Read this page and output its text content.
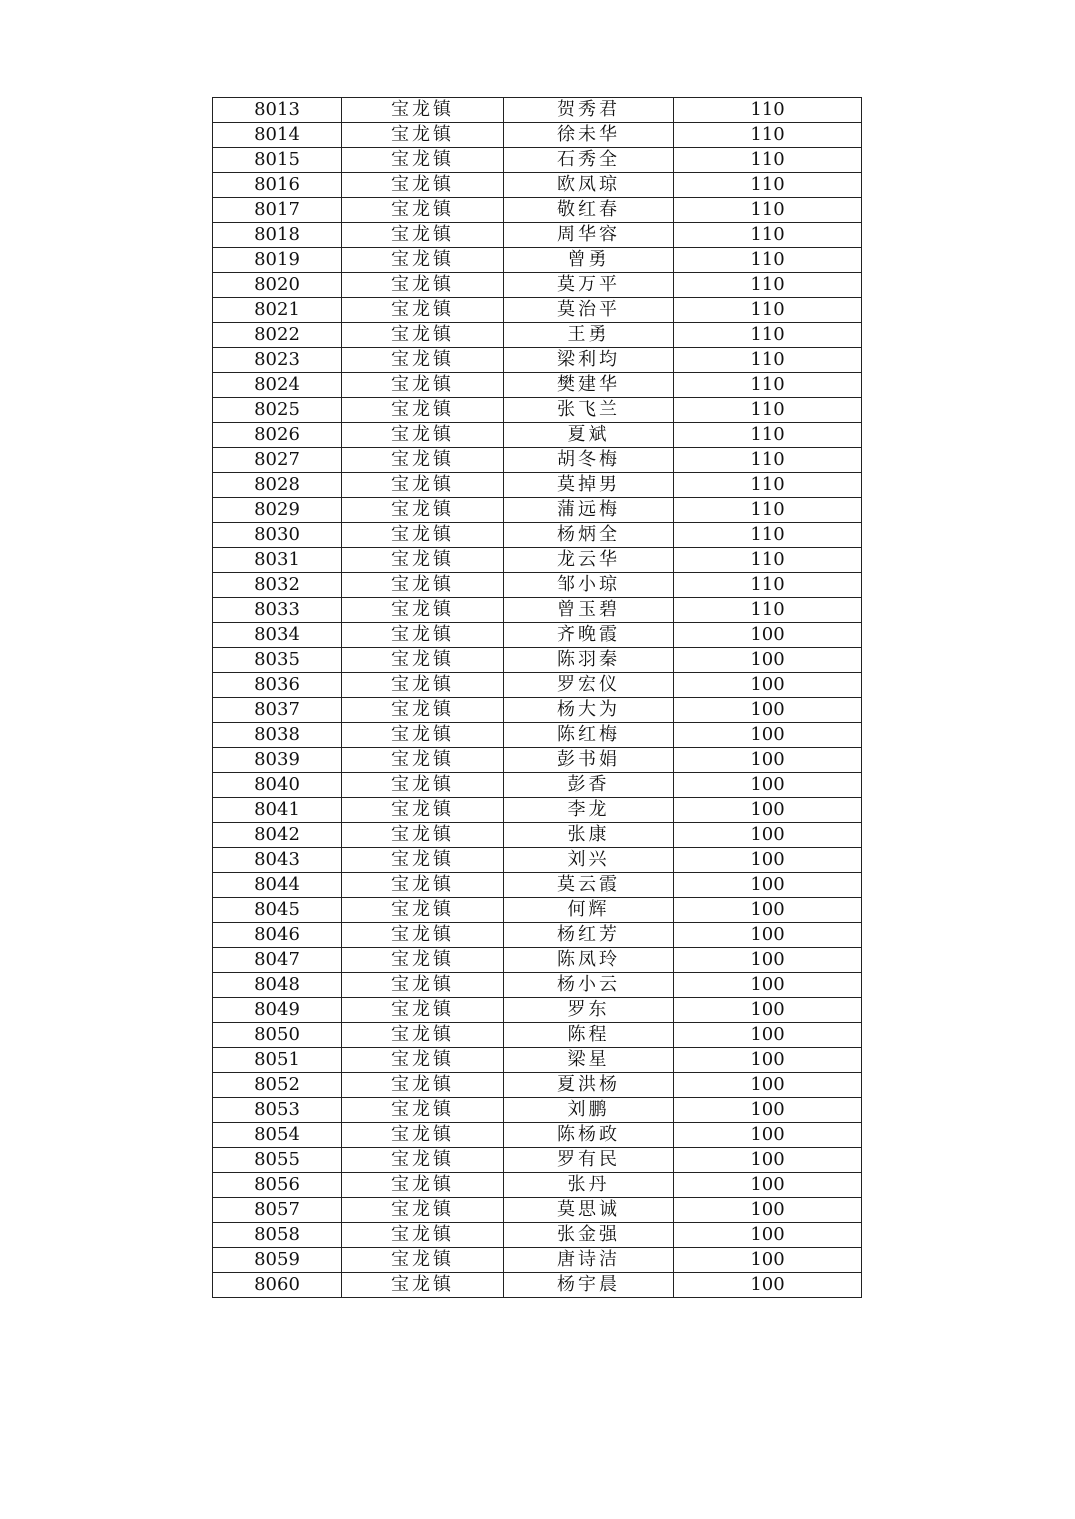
8013	宝龙镇	贺秀君	110
8014	宝龙镇	徐未华	110
8015	宝龙镇	石秀全	110
8016	宝龙镇	欧凤琼	110
8017	宝龙镇	敬红春	110
8018	宝龙镇	周华容	110
8019	宝龙镇	曾勇	110
8020	宝龙镇	莫万平	110
8021	宝龙镇	莫治平	110
8022	宝龙镇	王勇	110
8023	宝龙镇	梁利均	110
8024	宝龙镇	樊建华	110
8025	宝龙镇	张飞兰	110
8026	宝龙镇	夏斌	110
8027	宝龙镇	胡冬梅	110
8028	宝龙镇	莫掉男	110
8029	宝龙镇	蒲远梅	110
8030	宝龙镇	杨炳全	110
8031	宝龙镇	龙云华	110
8032	宝龙镇	邹小琼	110
8033	宝龙镇	曾玉碧	110
8034	宝龙镇	齐晚霞	100
8035	宝龙镇	陈羽秦	100
8036	宝龙镇	罗宏仪	100
8037	宝龙镇	杨大为	100
8038	宝龙镇	陈红梅	100
8039	宝龙镇	彭书娟	100
8040	宝龙镇	彭香	100
8041	宝龙镇	李龙	100
8042	宝龙镇	张康	100
8043	宝龙镇	刘兴	100
8044	宝龙镇	莫云霞	100
8045	宝龙镇	何辉	100
8046	宝龙镇	杨红芳	100
8047	宝龙镇	陈凤玲	100
8048	宝龙镇	杨小云	100
8049	宝龙镇	罗东	100
8050	宝龙镇	陈程	100
8051	宝龙镇	梁星	100
8052	宝龙镇	夏洪杨	100
8053	宝龙镇	刘鹏	100
8054	宝龙镇	陈杨政	100
8055	宝龙镇	罗有民	100
8056	宝龙镇	张丹	100
8057	宝龙镇	莫思诚	100
8058	宝龙镇	张金强	100
8059	宝龙镇	唐诗洁	100
8060	宝龙镇	杨宇晨	100
